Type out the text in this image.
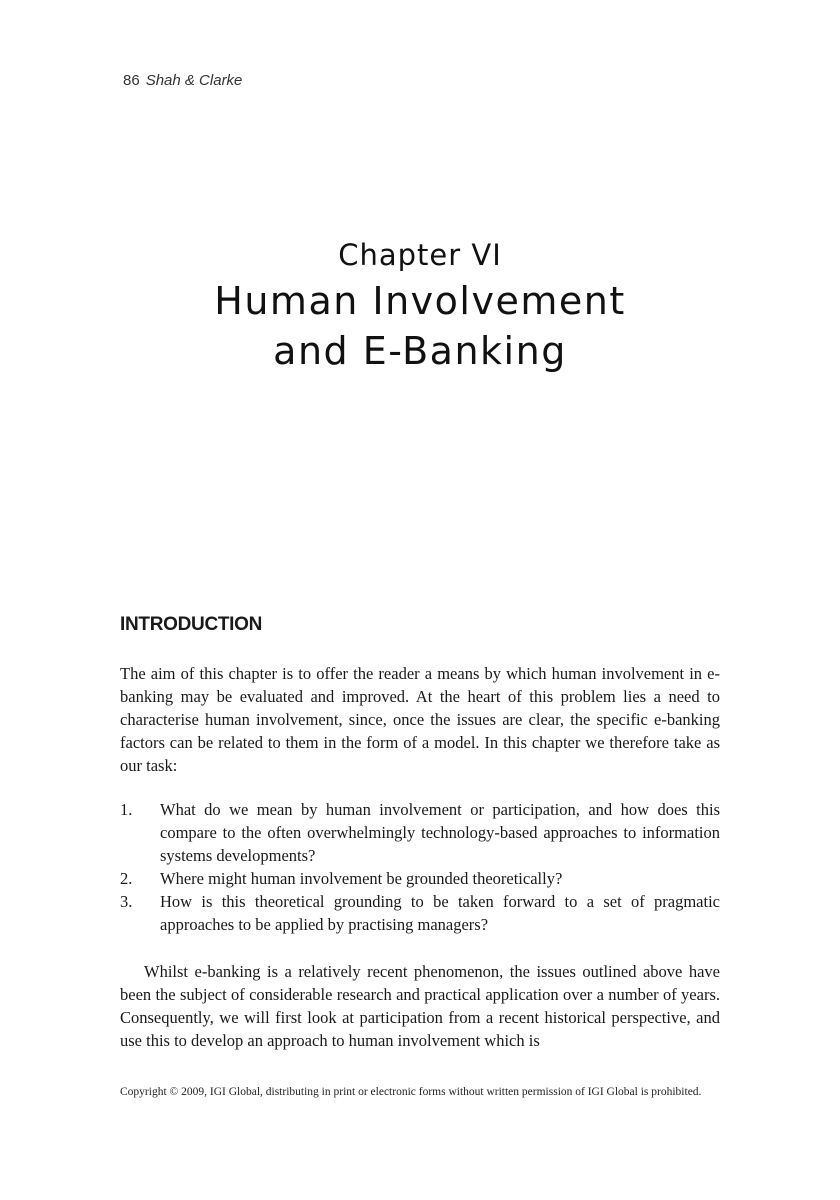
86 Shah & Clarke
Chapter VI
Human Involvement
and E-Banking
INTRODUCTION

The aim of this chapter is to offer the reader a means by which human involvement in e-banking may be evaluated and improved. At the heart of this problem lies a need to characterise human involvement, since, once the issues are clear, the specific e-banking factors can be related to them in the form of a model. In this chapter we therefore take as our task:

1. What do we mean by human involvement or participation, and how does this compare to the often overwhelmingly technology-based approaches to information systems developments?
2. Where might human involvement be grounded theoretically?
3. How is this theoretical grounding to be taken forward to a set of pragmatic approaches to be applied by practising managers?

Whilst e-banking is a relatively recent phenomenon, the issues outlined above have been the subject of considerable research and practical application over a number of years. Consequently, we will first look at participation from a recent historical perspective, and use this to develop an approach to human involvement which is

Copyright © 2009, IGI Global, distributing in print or electronic forms without written permission of IGI Global is prohibited.
